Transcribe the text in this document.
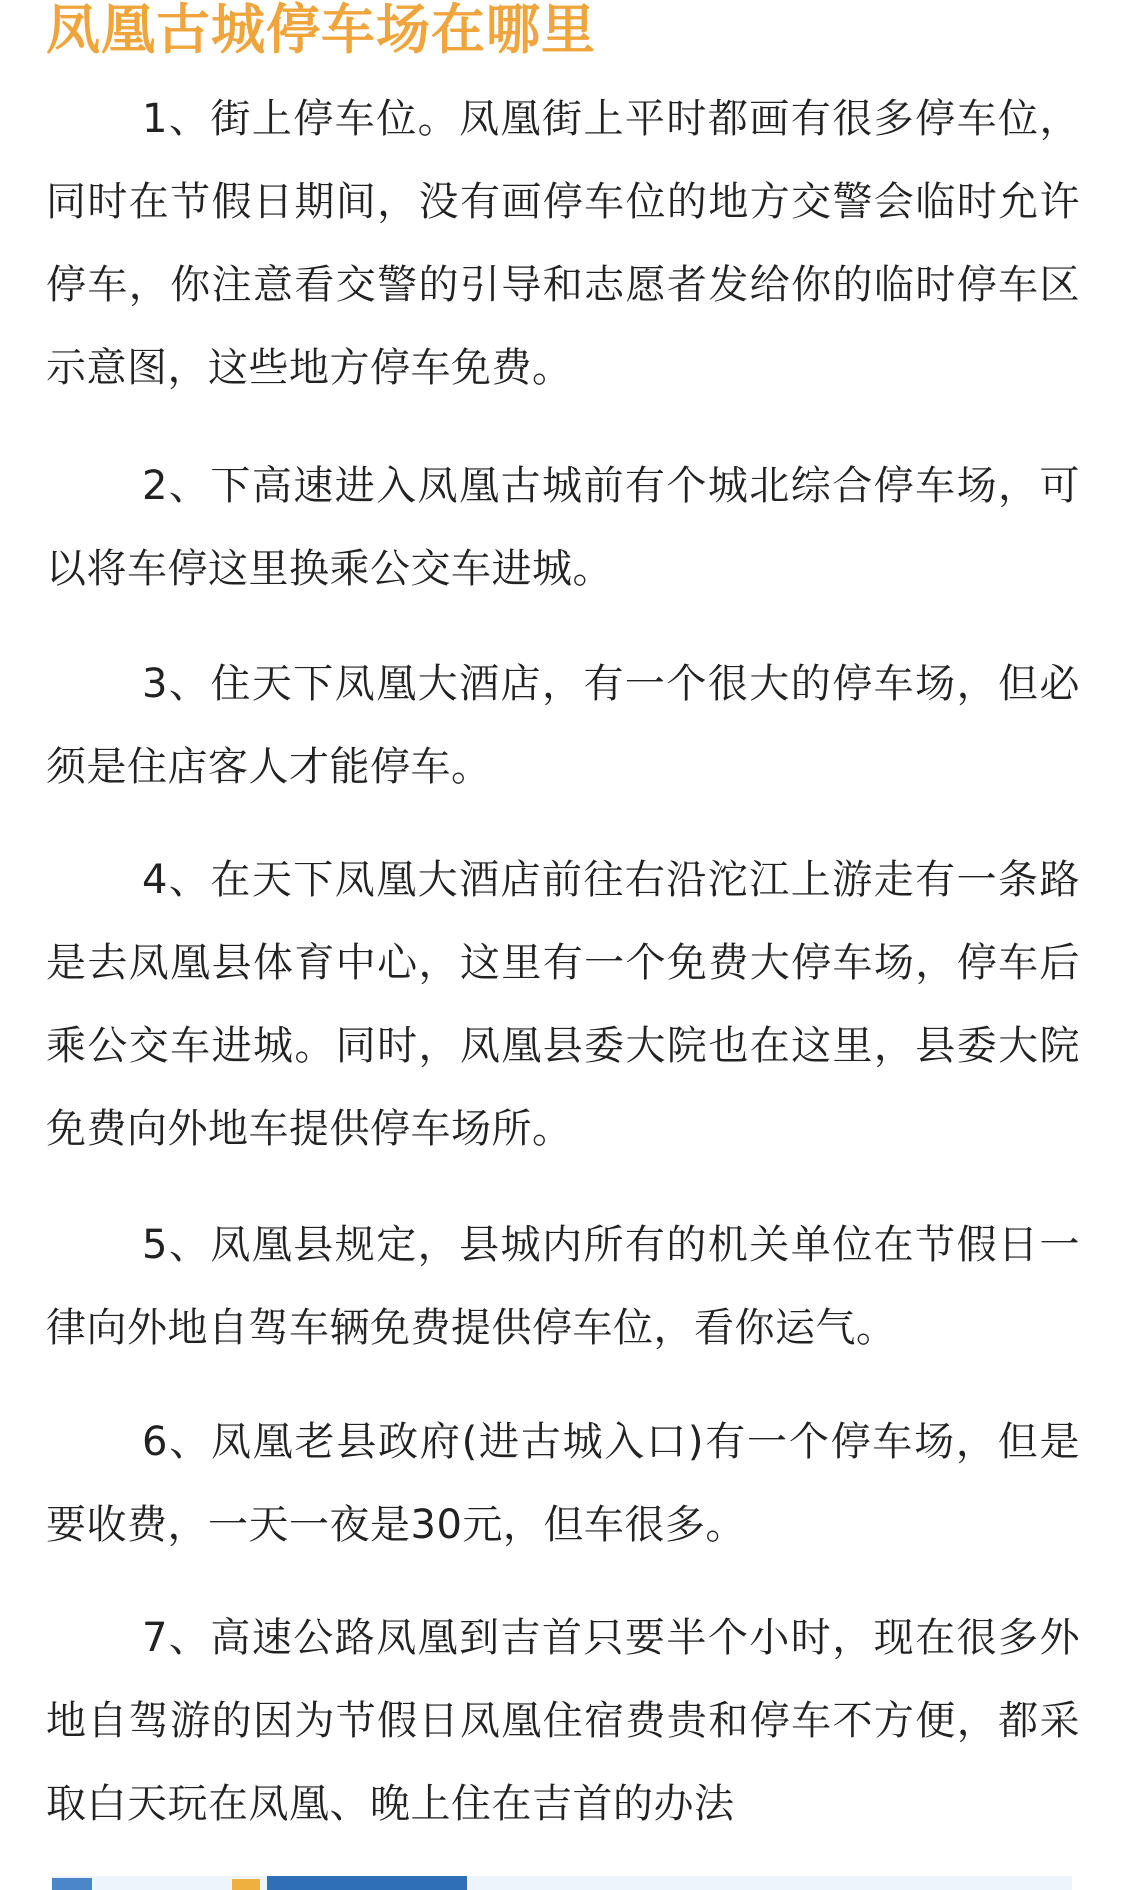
凤凰古城停车场在哪里

1、街上停车位。凤凰街上平时都画有很多停车位，同时在节假日期间，没有画停车位的地方交警会临时允许停车，你注意看交警的引导和志愿者发给你的临时停车区示意图，这些地方停车免费。

2、下高速进入凤凰古城前有个城北综合停车场，可以将车停这里换乘公交车进城。

3、住天下凤凰大酒店，有一个很大的停车场，但必须是住店客人才能停车。

4、在天下凤凰大酒店前往右沿沱江上游走有一条路是去凤凰县体育中心，这里有一个免费大停车场，停车后乘公交车进城。同时，凤凰县委大院也在这里，县委大院免费向外地车提供停车场所。

5、凤凰县规定，县城内所有的机关单位在节假日一律向外地自驾车辆免费提供停车位，看你运气。

6、凤凰老县政府(进古城入口)有一个停车场，但是要收费，一天一夜是30元，但车很多。

7、高速公路凤凰到吉首只要半个小时，现在很多外地自驾游的因为节假日凤凰住宿费贵和停车不方便，都采取白天玩在凤凰、晚上住在吉首的办法
